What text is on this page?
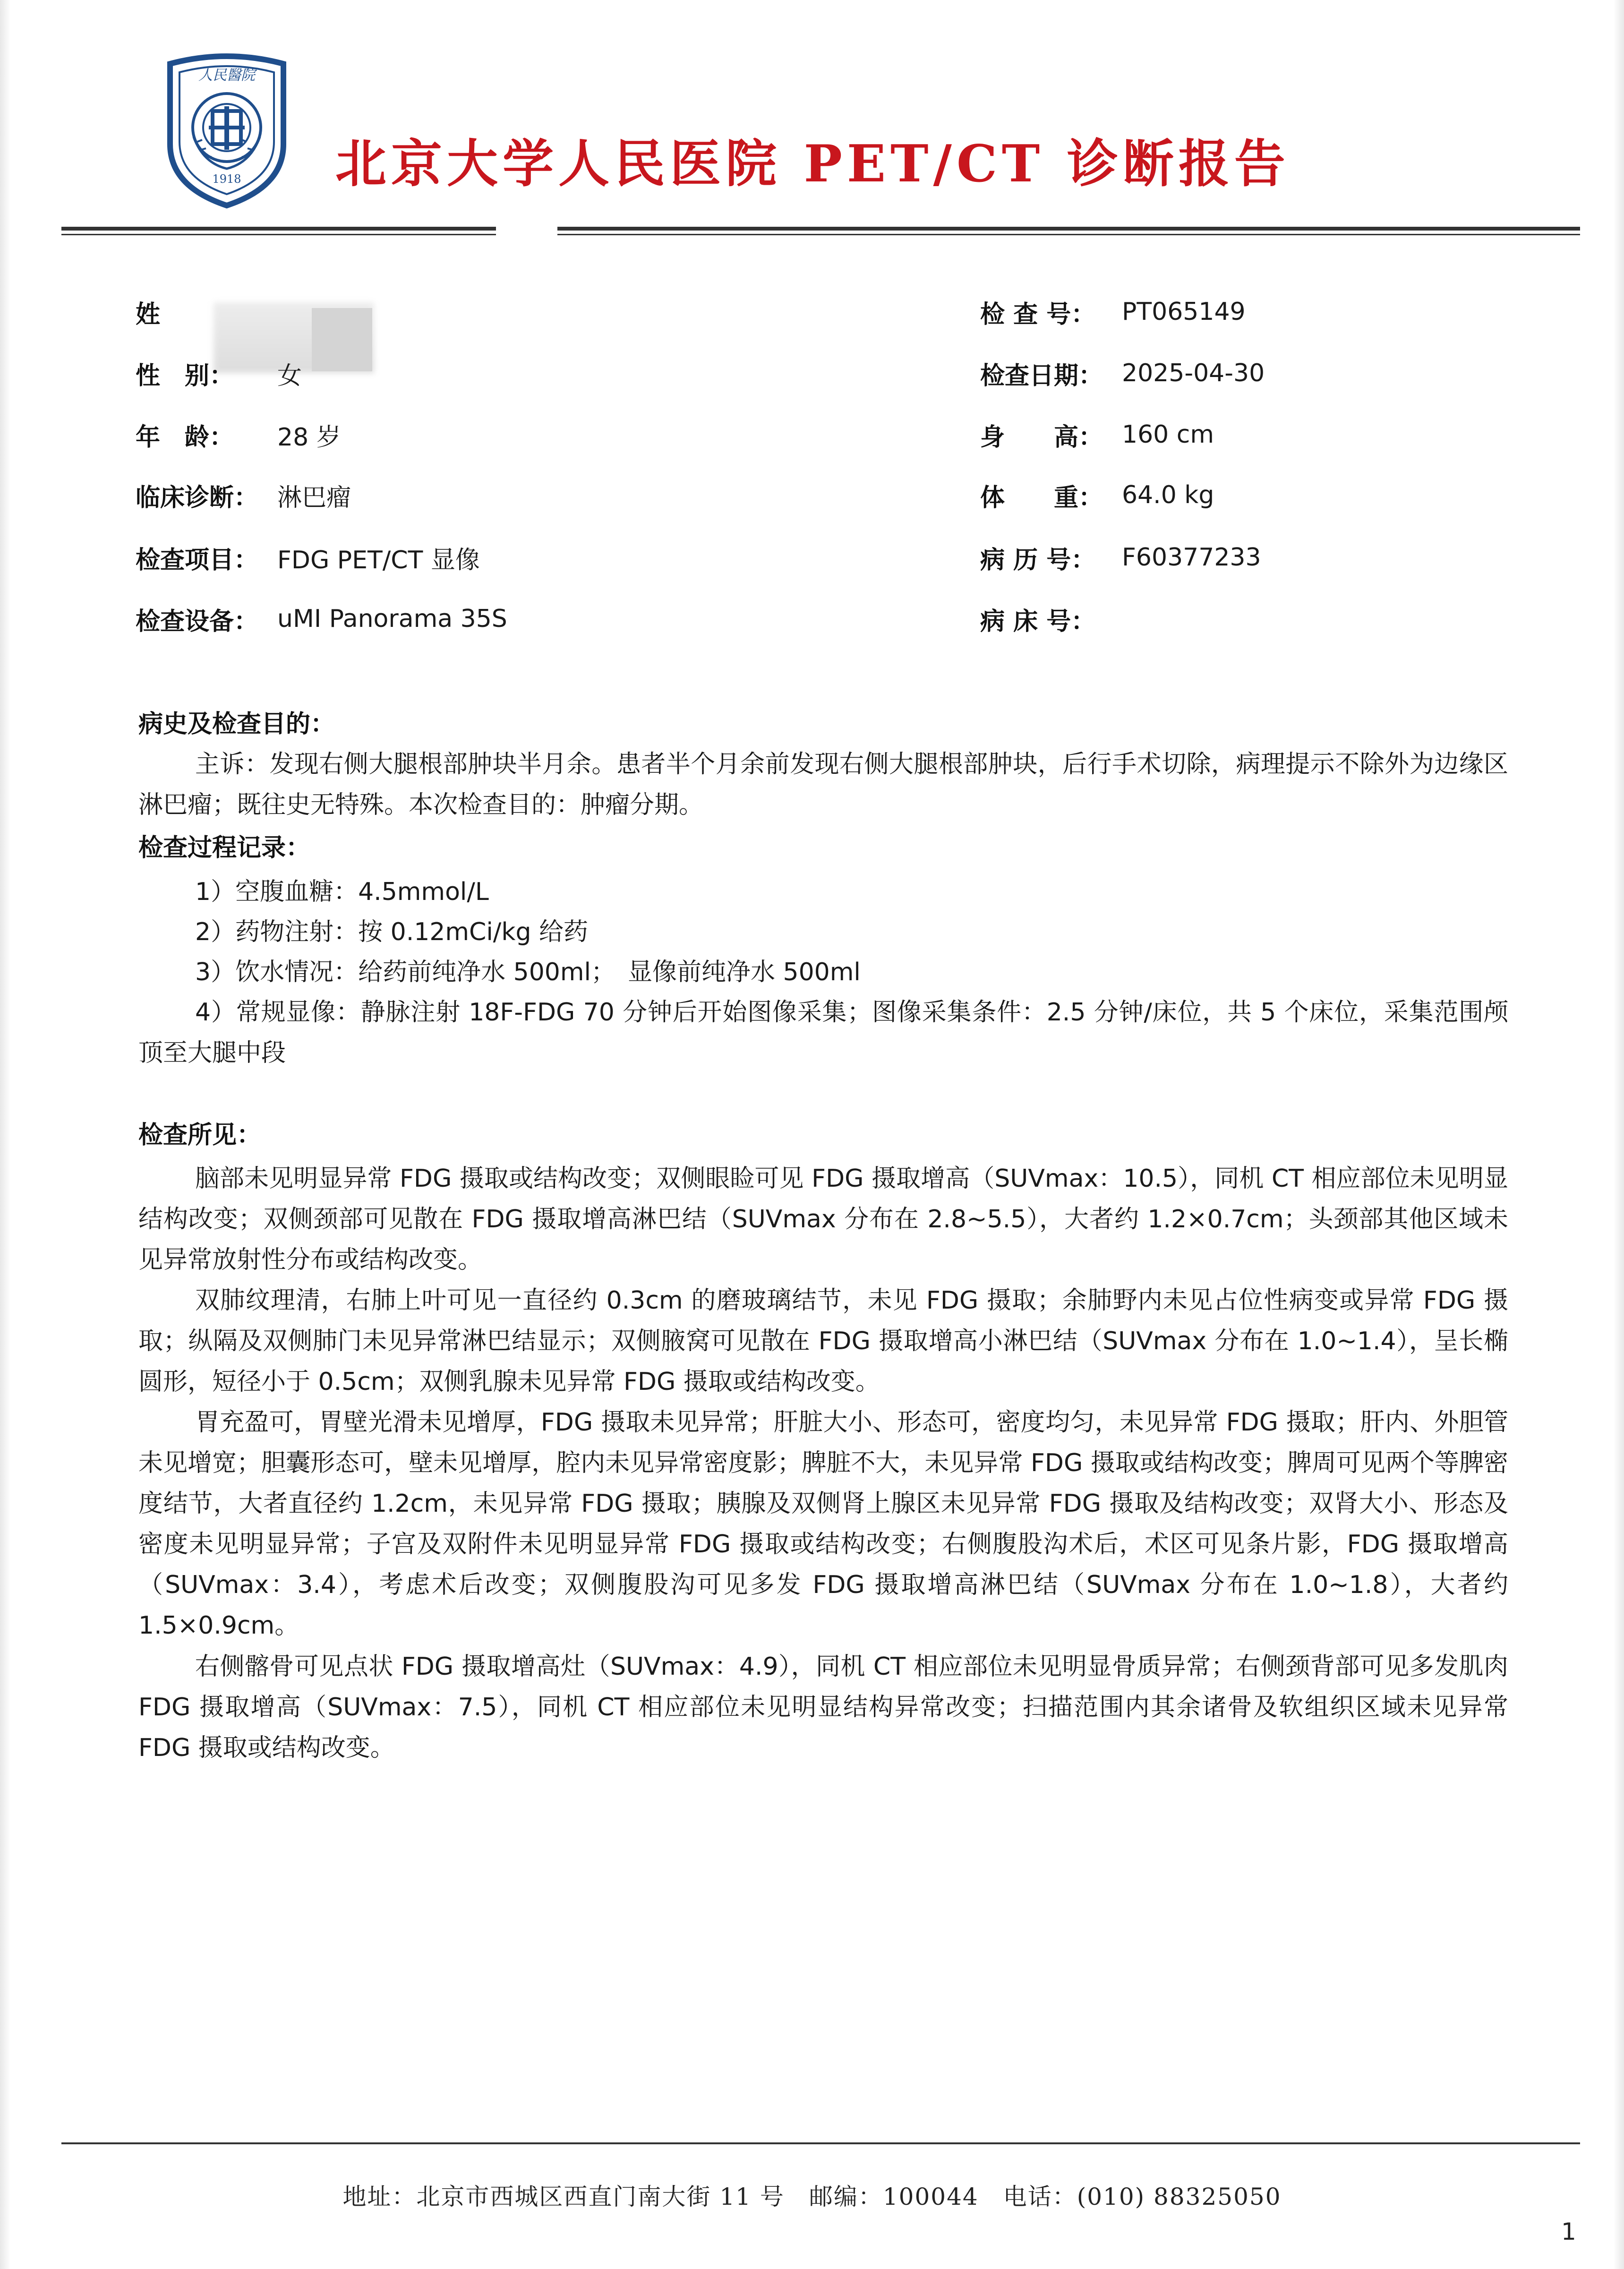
人民醫院
1918 北京大学人民医院 PET/CT 诊断报告
姓
性　别：	女
年　龄：	28 岁
临床诊断： 淋巴瘤
检查项目： FDG PET/CT 显像
检查设备： uMI Panorama 35S
检 查 号：	PT065149
检查日期： 2025-04-30
身　　高： 160 cm
体　　重： 64.0 kg
病 历 号：	F60377233
病 床 号：
病史及检查目的：
主诉：发现右侧大腿根部肿块半月余。患者半个月余前发现右侧大腿根部肿块，后行手术切除，病理提示不除外为边缘区淋巴瘤；既往史无特殊。本次检查目的：肿瘤分期。
检查过程记录：
1）空腹血糖：4.5mmol/L
2）药物注射：按 0.12mCi/kg 给药
3）饮水情况：给药前纯净水 500ml；　显像前纯净水 500ml
4）常规显像：静脉注射 18F-FDG 70 分钟后开始图像采集；图像采集条件：2.5 分钟/床位，共 5 个床位，采集范围颅顶至大腿中段
检查所见：
脑部未见明显异常 FDG 摄取或结构改变；双侧眼睑可见 FDG 摄取增高（SUVmax：10.5），同机 CT 相应部位未见明显结构改变；双侧颈部可见散在 FDG 摄取增高淋巴结（SUVmax 分布在 2.8~5.5），大者约 1.2×0.7cm；头颈部其他区域未见异常放射性分布或结构改变。
双肺纹理清，右肺上叶可见一直径约 0.3cm 的磨玻璃结节，未见 FDG 摄取；余肺野内未见占位性病变或异常 FDG 摄取；纵隔及双侧肺门未见异常淋巴结显示；双侧腋窝可见散在 FDG 摄取增高小淋巴结（SUVmax 分布在 1.0~1.4），呈长椭圆形，短径小于 0.5cm；双侧乳腺未见异常 FDG 摄取或结构改变。
胃充盈可，胃壁光滑未见增厚，FDG 摄取未见异常；肝脏大小、形态可，密度均匀，未见异常 FDG 摄取；肝内、外胆管未见增宽；胆囊形态可，壁未见增厚，腔内未见异常密度影；脾脏不大，未见异常 FDG 摄取或结构改变；脾周可见两个等脾密度结节，大者直径约 1.2cm，未见异常 FDG 摄取；胰腺及双侧肾上腺区未见异常 FDG 摄取及结构改变；双肾大小、形态及密度未见明显异常；子宫及双附件未见明显异常 FDG 摄取或结构改变；右侧腹股沟术后，术区可见条片影，FDG 摄取增高（SUVmax：3.4），考虑术后改变；双侧腹股沟可见多发 FDG 摄取增高淋巴结（SUVmax 分布在 1.0~1.8），大者约 1.5×0.9cm。
右侧髂骨可见点状 FDG 摄取增高灶（SUVmax：4.9），同机 CT 相应部位未见明显骨质异常；右侧颈背部可见多发肌肉 FDG 摄取增高（SUVmax：7.5），同机 CT 相应部位未见明显结构异常改变；扫描范围内其余诸骨及软组织区域未见异常 FDG 摄取或结构改变。
地址：北京市西城区西直门南大街 11 号　邮编：100044　电话：(010) 88325050
1
